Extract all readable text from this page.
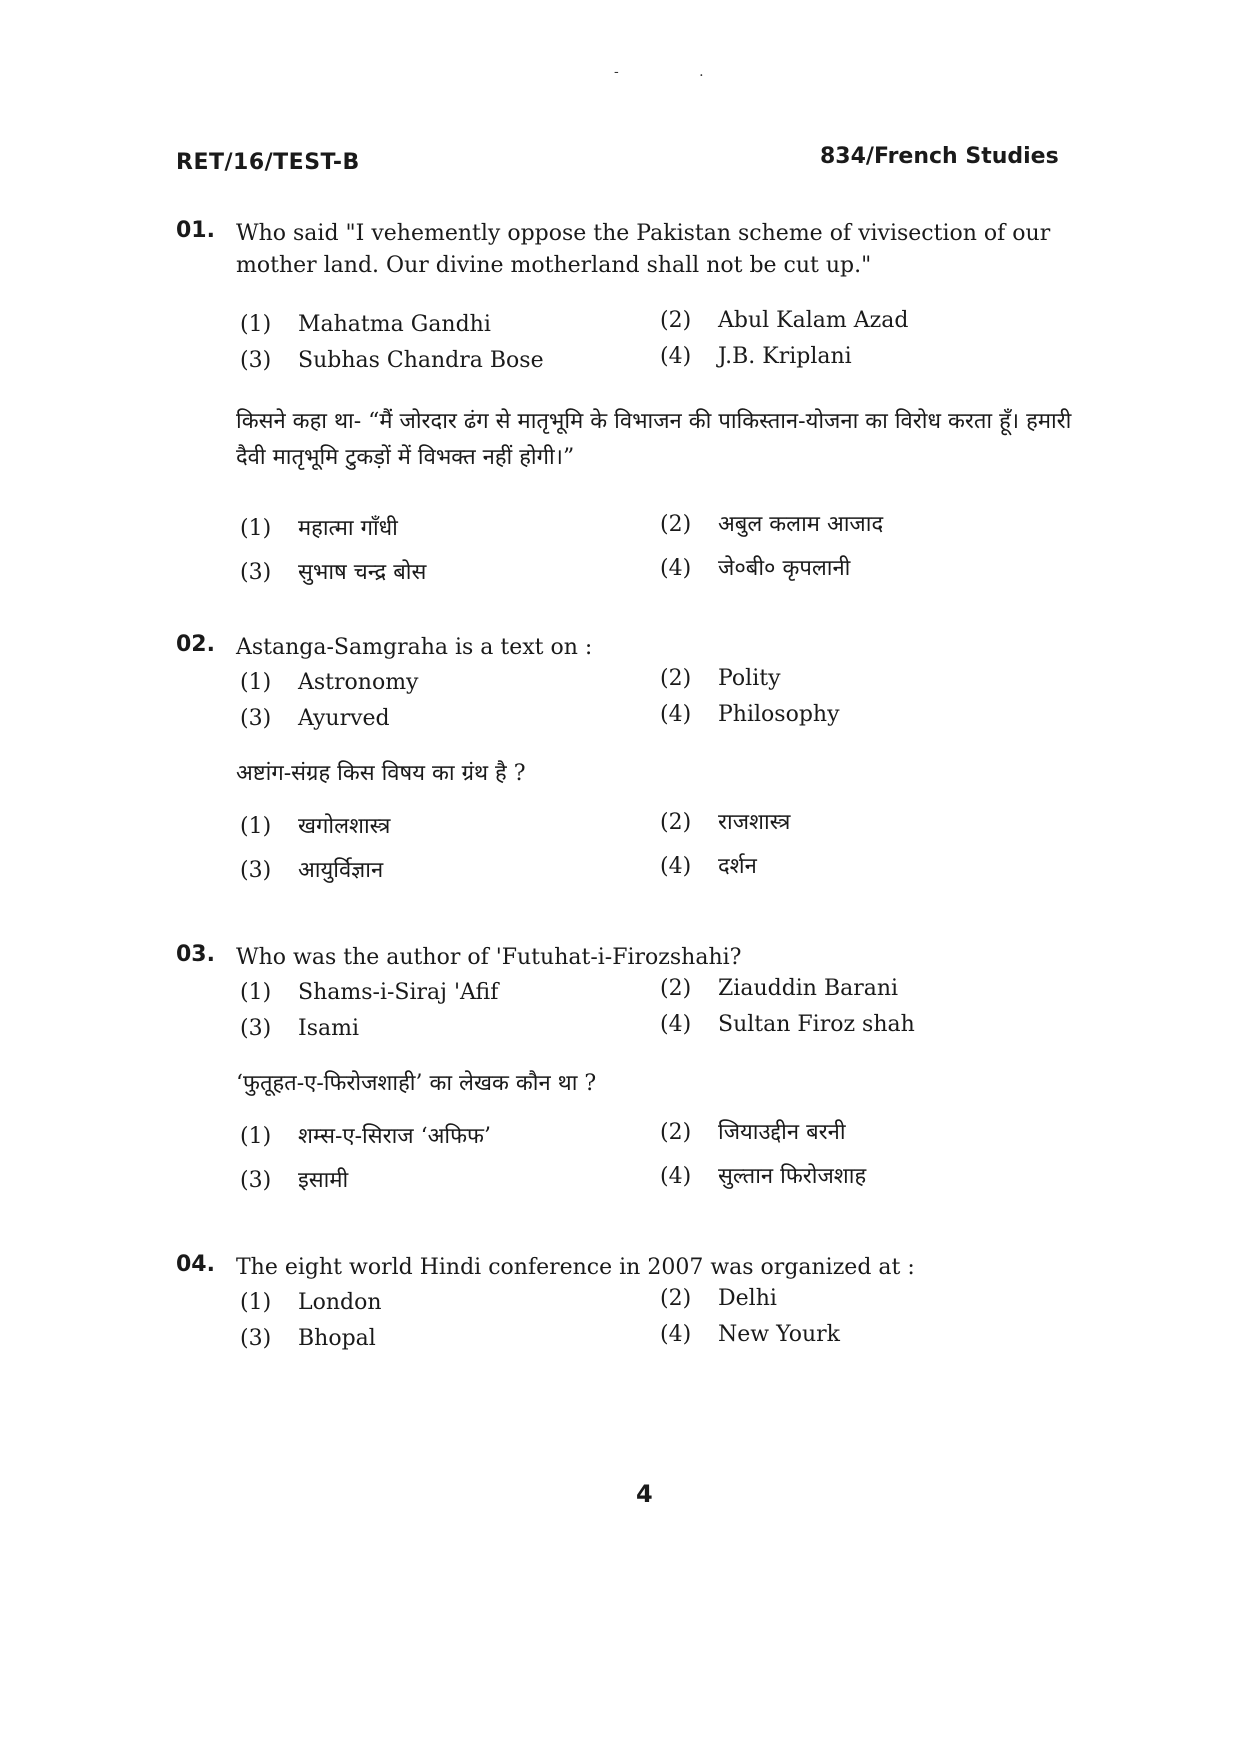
- .
RET/16/TEST-B	834/French Studies
01. Who said "I vehemently oppose the Pakistan scheme of vivisection of our mother land. Our divine motherland shall not be cut up."
(1) Mahatma Gandhi	(2) Abul Kalam Azad
(3) Subhas Chandra Bose	(4) J.B. Kriplani
किसने कहा था- “मैं जोरदार ढंग से मातृभूमि के विभाजन की पाकिस्तान-योजना का विरोध करता हूँ। हमारी दैवी मातृभूमि टुकड़ों में विभक्त नहीं होगी।”
(1) महात्मा गाँधी	(2) अबुल कलाम आजाद
(3) सुभाष चन्द्र बोस	(4) जे०बी० कृपलानी
02. Astanga-Samgraha is a text on :
(1) Astronomy	(2) Polity
(3) Ayurved	(4) Philosophy
अष्टांग-संग्रह किस विषय का ग्रंथ है ?
(1) खगोलशास्त्र	(2) राजशास्त्र
(3) आयुर्विज्ञान	(4) दर्शन
03. Who was the author of 'Futuhat-i-Firozshahi?
(1) Shams-i-Siraj 'Afif	(2) Ziauddin Barani
(3) Isami	(4) Sultan Firoz shah
‘फुतूहत-ए-फिरोजशाही’ का लेखक कौन था ?
(1) शम्स-ए-सिराज ‘अफिफ’	(2) जियाउद्दीन बरनी
(3) इसामी	(4) सुल्तान फिरोजशाह
04. The eight world Hindi conference in 2007 was organized at :
(1) London	(2) Delhi
(3) Bhopal	(4) New Yourk
4
